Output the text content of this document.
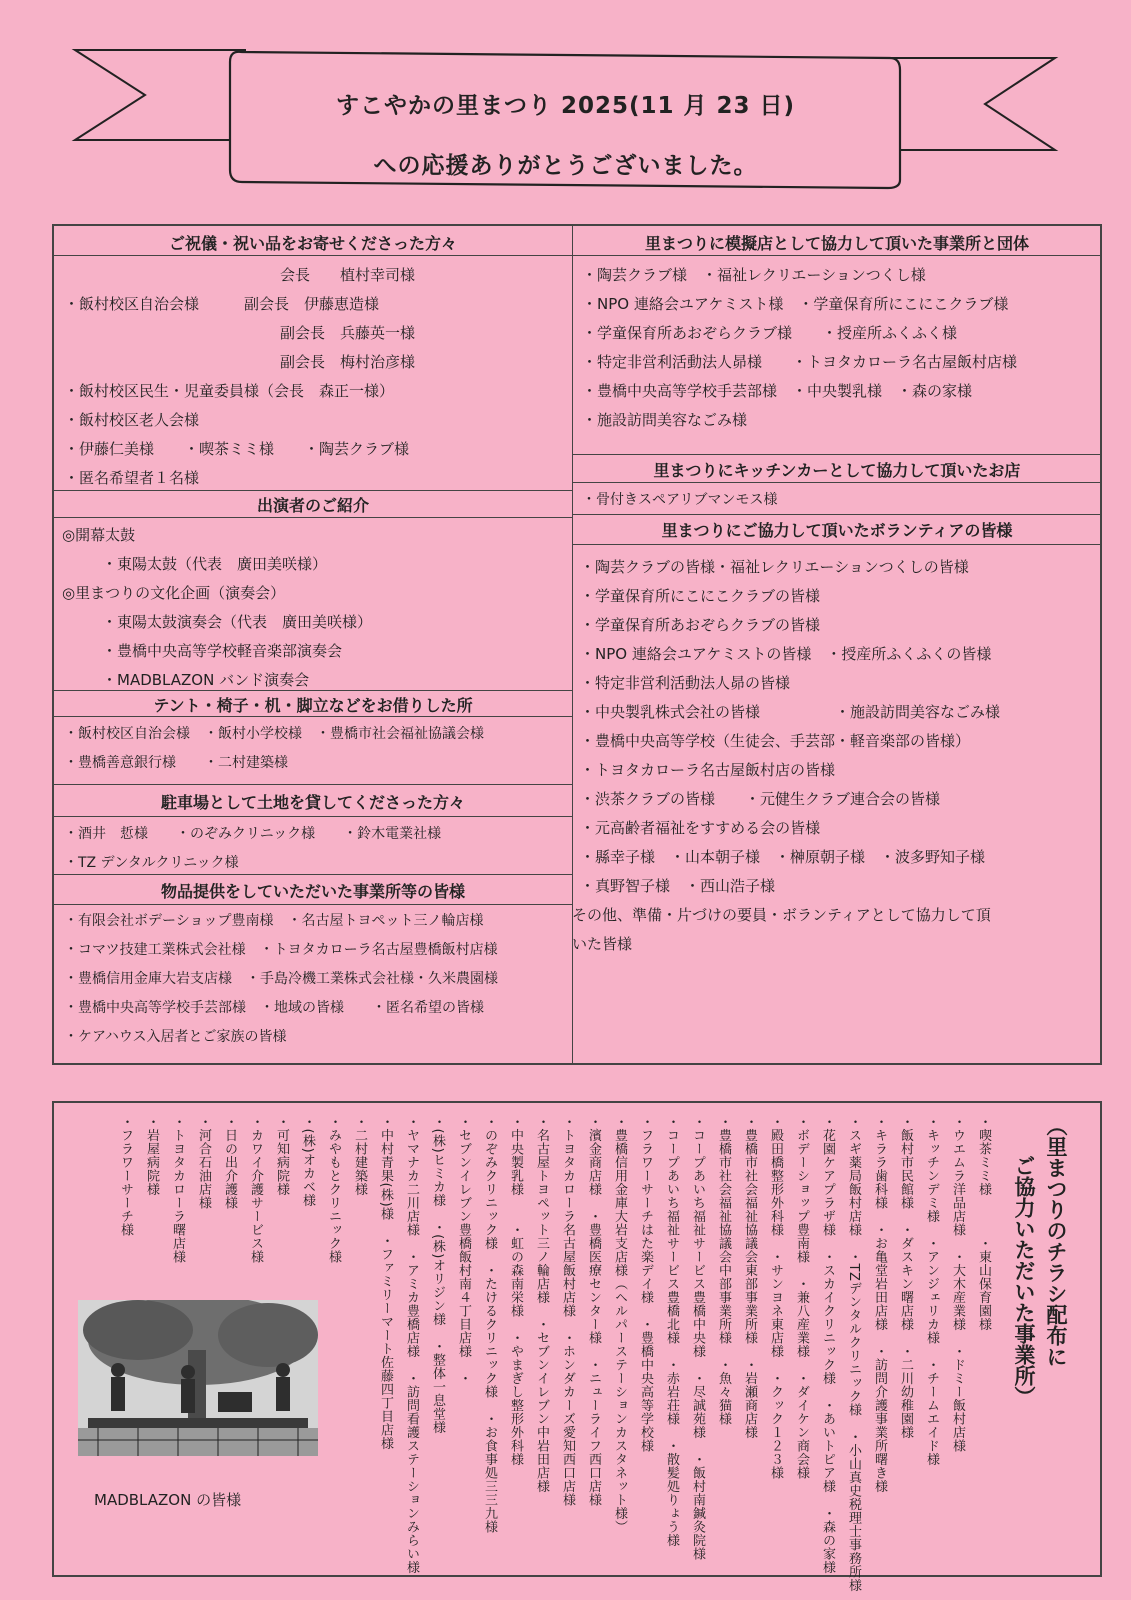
すこやかの里まつり 2025(11 月 23 日)
への応援ありがとうございました。
ご祝儀・祝い品をお寄せくださった方々
会長　　植村幸司様
・飯村校区自治会様　　　副会長　伊藤恵造様
副会長　兵藤英一様
副会長　梅村治彦様
・飯村校区民生・児童委員様（会長　森正一様）
・飯村校区老人会様
・伊藤仁美様　　・喫茶ミミ様　　・陶芸クラブ様
・匿名希望者１名様
出演者のご紹介
◎開幕太鼓
・東陽太鼓（代表　廣田美咲様）
◎里まつりの文化企画（演奏会）
・東陽太鼓演奏会（代表　廣田美咲様）
・豊橋中央高等学校軽音楽部演奏会
・MADBLAZON バンド演奏会
テント・椅子・机・脚立などをお借りした所
・飯村校区自治会様　・飯村小学校様　・豊橋市社会福祉協議会様
・豊橋善意銀行様　　・二村建築様
駐車場として土地を貸してくださった方々
・酒井　悊様　　・のぞみクリニック様　　・鈴木電業社様
・TZ デンタルクリニック様
物品提供をしていただいた事業所等の皆様
・有限会社ボデーショップ豊南様　・名古屋トヨペット三ノ輪店様
・コマツ技建工業株式会社様　・トヨタカローラ名古屋豊橋飯村店様
・豊橋信用金庫大岩支店様　・手島冷機工業株式会社様・久米農園様
・豊橋中央高等学校手芸部様　・地域の皆様　　・匿名希望の皆様
・ケアハウス入居者とご家族の皆様
里まつりに模擬店として協力して頂いた事業所と団体
・陶芸クラブ様　・福祉レクリエーションつくし様
・NPO 連絡会ユアケミスト様　・学童保育所にこにこクラブ様
・学童保育所あおぞらクラブ様　　・授産所ふくふく様
・特定非営利活動法人昴様　　・トヨタカローラ名古屋飯村店様
・豊橋中央高等学校手芸部様　・中央製乳様　・森の家様
・施設訪問美容なごみ様
里まつりにキッチンカーとして協力して頂いたお店
・骨付きスペアリブマンモス様
里まつりにご協力して頂いたボランティアの皆様
・陶芸クラブの皆様・福祉レクリエーションつくしの皆様
・学童保育所にこにこクラブの皆様
・学童保育所あおぞらクラブの皆様
・NPO 連絡会ユアケミストの皆様　・授産所ふくふくの皆様
・特定非営利活動法人昴の皆様
・中央製乳株式会社の皆様　　　　　・施設訪問美容なごみ様
・豊橋中央高等学校（生徒会、手芸部・軽音楽部の皆様）
・トヨタカローラ名古屋飯村店の皆様
・渋茶クラブの皆様　　・元健生クラブ連合会の皆様
・元高齢者福祉をすすめる会の皆様
・縣幸子様　・山本朝子様　・榊原朝子様　・波多野知子様
・真野智子様　・西山浩子様
その他、準備・片づけの要員・ボランティアとして協力して頂
いた皆様
（里まつりのチラシ配布に
ご協力いただいた事業所）
・喫茶ミミ様　　　・東山保育園様
・ウエムラ洋品店様　・大木産業様　・ドミー飯村店様
・キッチンデミ様　・アンジェリカ様　・チームエイド様
・飯村市民館様　・ダスキン曙店様　・二川幼稚園様
・キララ歯科様　・お亀堂岩田店様　・訪問介護事業所曙き様
・スギ薬局飯村店様　・TZデンタルクリニック様　・小山真史税理士事務所様
・花園ケアプラザ様　・スカイクリニック様　・あいトピア様　・森の家様
・ボデーショップ豊南様　・兼八産業様　・ダイケン商会様
・殿田橋整形外科様　・サンヨネ東店様　・クック１２３様
・豊橋市社会福祉協議会東部事業所様　・岩瀬商店様
・豊橋市社会福祉協議会中部事業所様　・魚々猫様
・コープあいち福祉サービス豊橋中央様　・尽誠苑様　・飯村南鍼灸院様
・コープあいち福祉サービス豊橋北様　・赤岩荘様　・散髪処りょう様
・フラワーサーチはた楽デイ様　・豊橋中央高等学校様
・豊橋信用金庫大岩支店様（ヘルパーステーションカスタネット様）
・濱金商店様　・豊橋医療センター様　・ニューライフ西口店様
・トヨタカローラ名古屋飯村店様　・ホンダカーズ愛知西口店様
・名古屋トヨペット三ノ輪店様　・セブンイレブン中岩田店様
・中央製乳様　　・虹の森南栄様　・やまぎし整形外科様
・のぞみクリニック様　・たけるクリニック様　・お食事処三三九様
・セブンイレブン豊橋飯村南４丁目店様　・
・(株)ヒミカ様　・(株)オリジン様　・整体一息堂様
・ヤマナカ二川店様　・アミカ豊橋店様　・訪問看護ステーションみらい様
・中村青果(株)様　・ファミリーマート佐藤四丁目店様
・二村建築様
・みやもとクリニック様
・(株)オカベ様
・可知病院様
・カワイ介護サービス様
・日の出介護様
・河合石油店様
・トヨタカローラ曙店様
・岩屋病院様
・フラワーサーチ様
MADBLAZON の皆様
